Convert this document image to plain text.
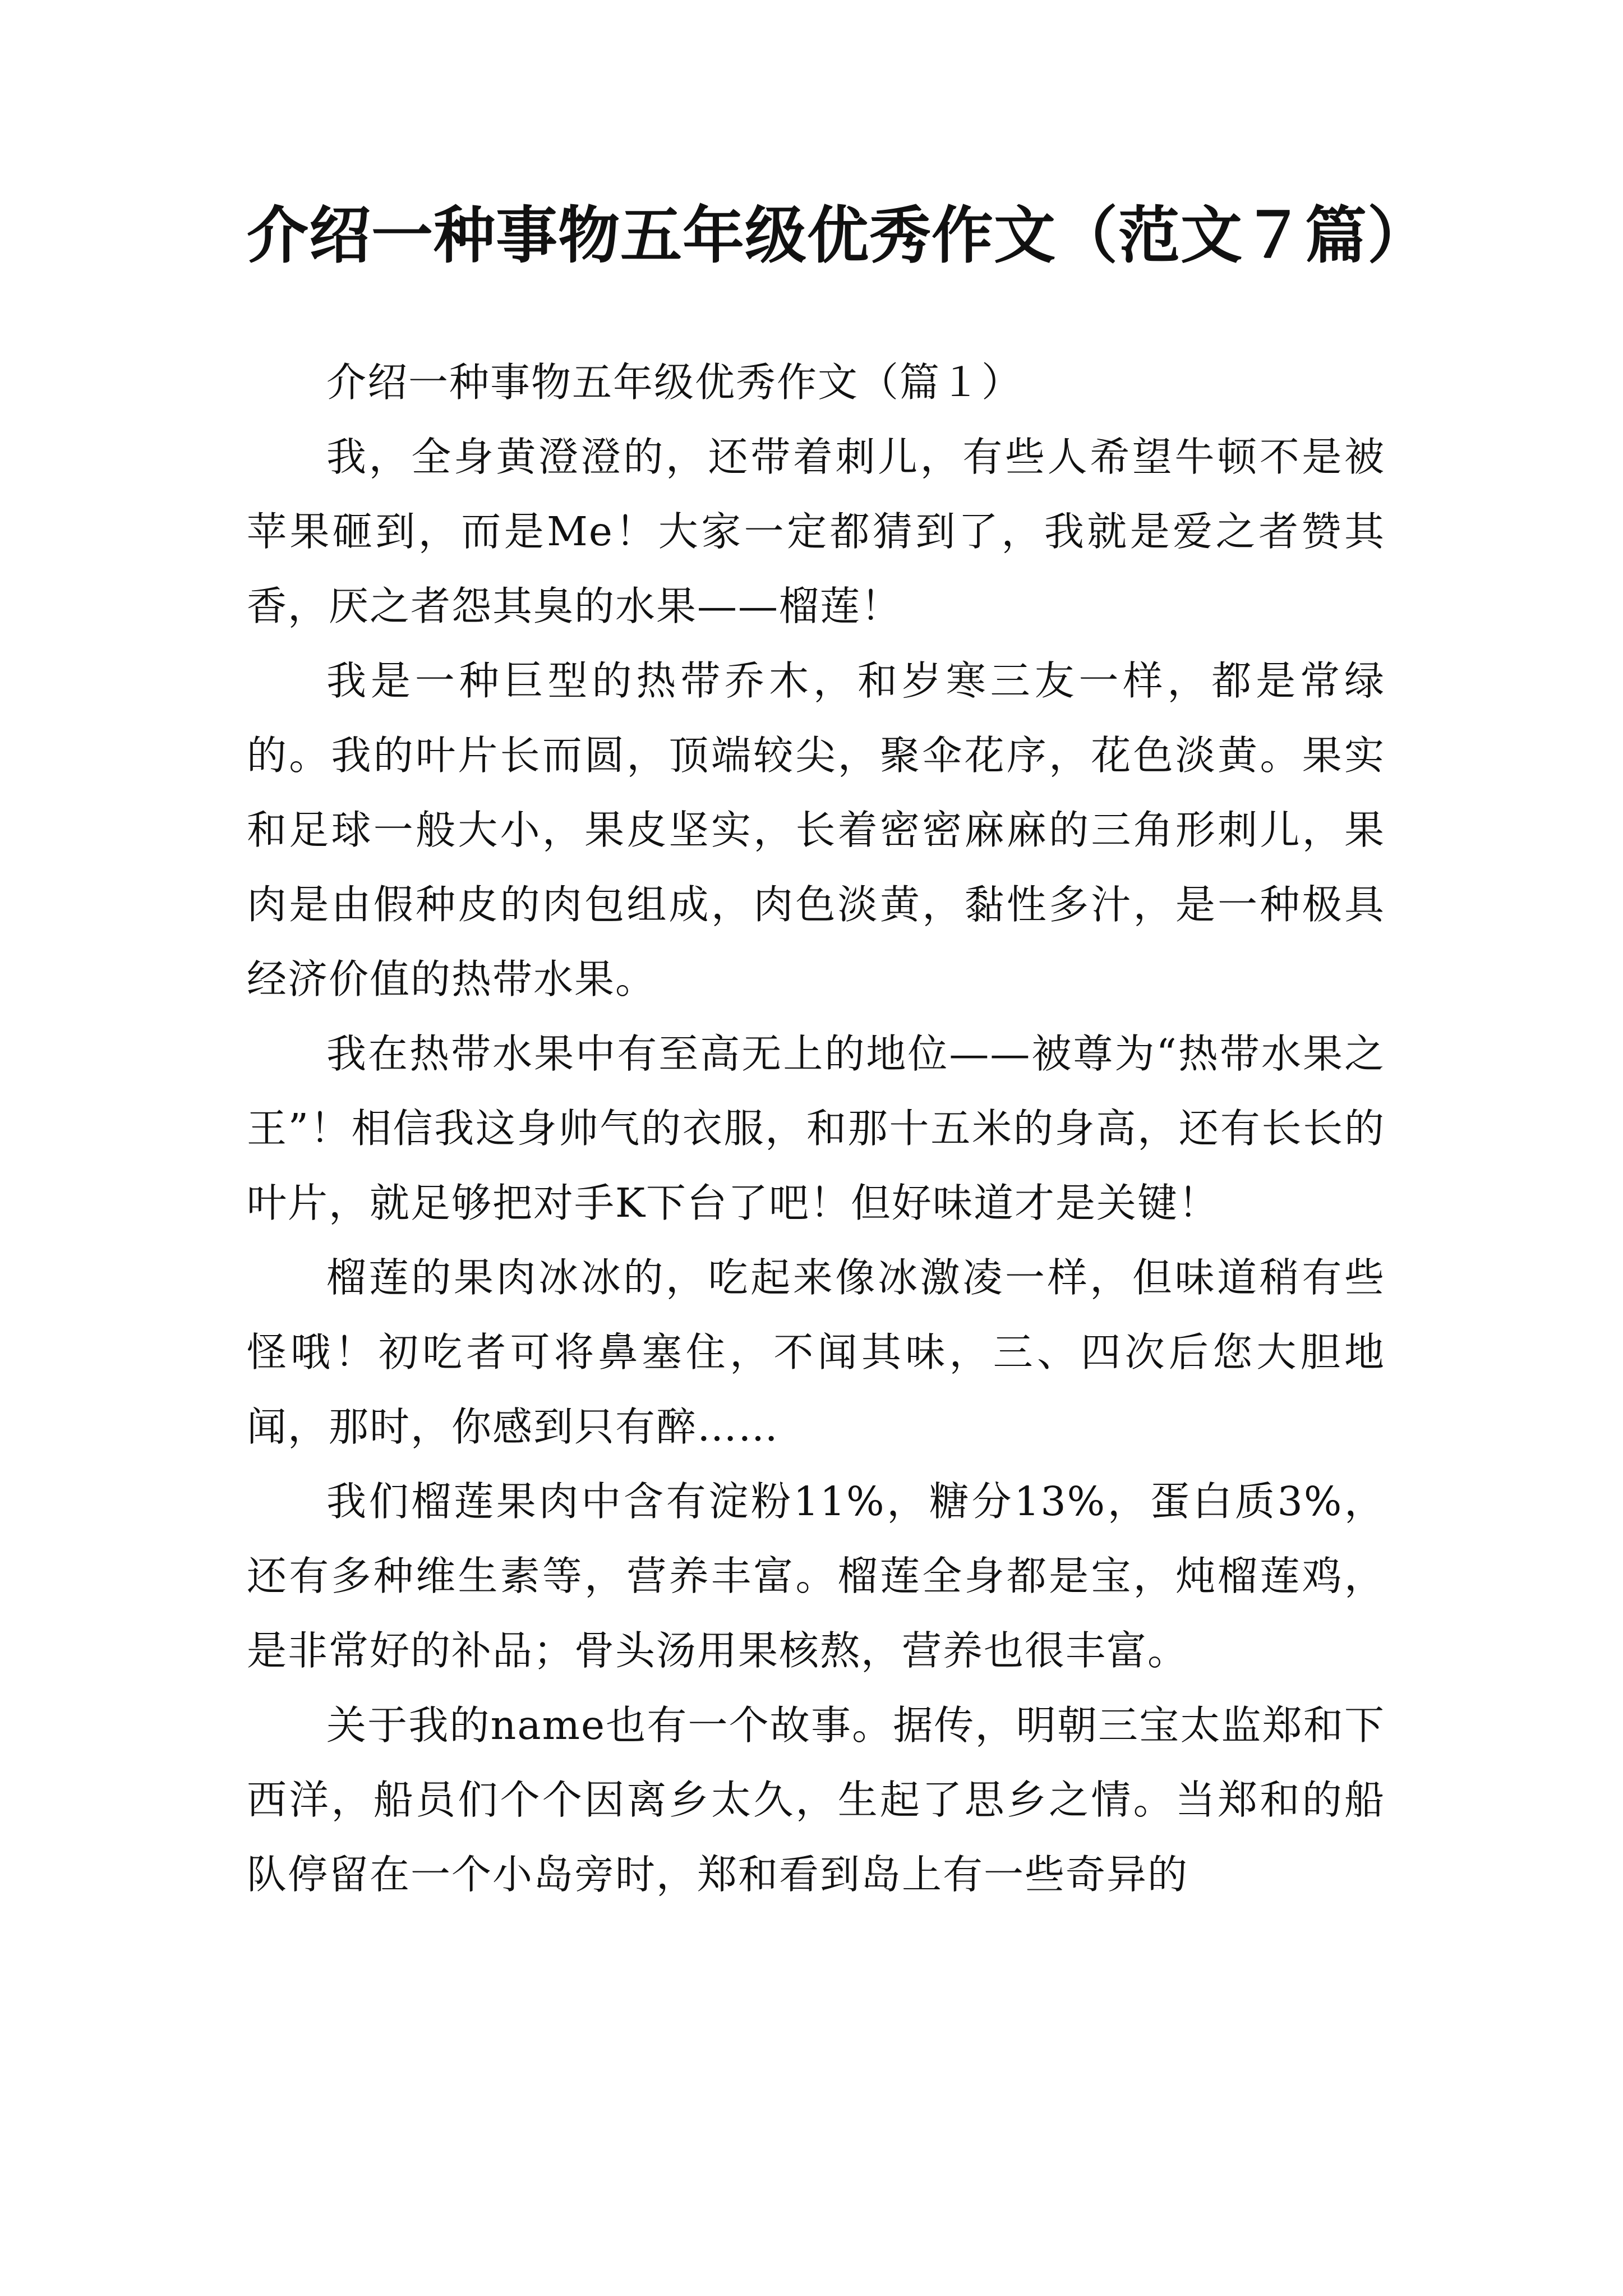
介绍一种事物五年级优秀作文（范文７篇）

介绍一种事物五年级优秀作文（篇１）

我，全身黄澄澄的，还带着刺儿，有些人希望牛顿不是被苹果砸到，而是Me！大家一定都猜到了，我就是爱之者赞其香，厌之者怨其臭的水果——榴莲！

我是一种巨型的热带乔木，和岁寒三友一样，都是常绿的。我的叶片长而圆，顶端较尖，聚伞花序，花色淡黄。果实和足球一般大小，果皮坚实，长着密密麻麻的三角形刺儿，果肉是由假种皮的肉包组成，肉色淡黄，黏性多汁，是一种极具经济价值的热带水果。

我在热带水果中有至高无上的地位——被尊为“热带水果之王”！相信我这身帅气的衣服，和那十五米的身高，还有长长的叶片，就足够把对手K下台了吧！但好味道才是关键！

榴莲的果肉冰冰的，吃起来像冰激凌一样，但味道稍有些怪哦！初吃者可将鼻塞住，不闻其味，三、四次后您大胆地闻，那时，你感到只有醉……

我们榴莲果肉中含有淀粉11%，糖分13%，蛋白质3%，还有多种维生素等，营养丰富。榴莲全身都是宝，炖榴莲鸡，是非常好的补品；骨头汤用果核熬，营养也很丰富。

关于我的name也有一个故事。据传，明朝三宝太监郑和下西洋，船员们个个因离乡太久，生起了思乡之情。当郑和的船队停留在一个小岛旁时，郑和看到岛上有一些奇异的
